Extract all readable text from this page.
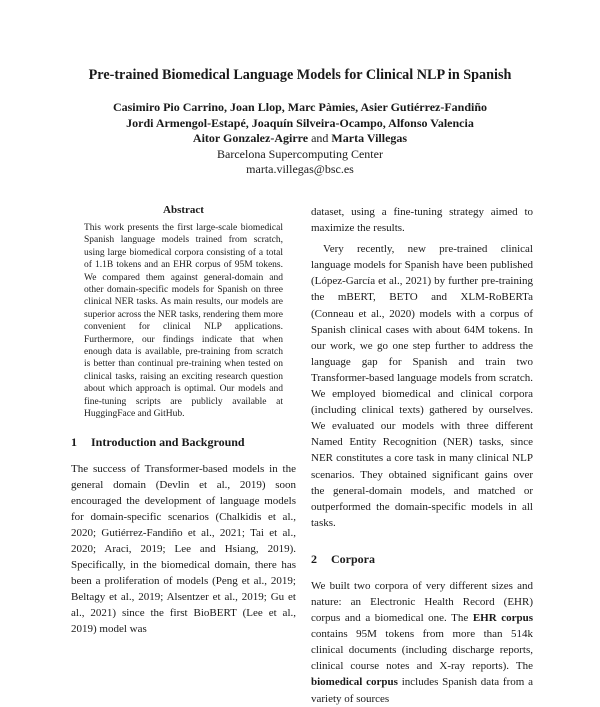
Pre-trained Biomedical Language Models for Clinical NLP in Spanish
Casimiro Pio Carrino, Joan Llop, Marc Pàmies, Asier Gutiérrez-Fandiño
Jordi Armengol-Estapé, Joaquín Silveira-Ocampo, Alfonso Valencia
Aitor Gonzalez-Agirre and Marta Villegas
Barcelona Supercomputing Center
marta.villegas@bsc.es
Abstract
This work presents the first large-scale biomedical Spanish language models trained from scratch, using large biomedical corpora consisting of a total of 1.1B tokens and an EHR corpus of 95M tokens. We compared them against general-domain and other domain-specific models for Spanish on three clinical NER tasks. As main results, our models are superior across the NER tasks, rendering them more convenient for clinical NLP applications. Furthermore, our findings indicate that when enough data is available, pre-training from scratch is better than continual pre-training when tested on clinical tasks, raising an exciting research question about which approach is optimal. Our models and fine-tuning scripts are publicly available at HuggingFace and GitHub.
1 Introduction and Background

The success of Transformer-based models in the general domain (Devlin et al., 2019) soon encouraged the development of language models for domain-specific scenarios (Chalkidis et al., 2020; Gutiérrez-Fandiño et al., 2021; Tai et al., 2020; Araci, 2019; Lee and Hsiang, 2019). Specifically, in the biomedical domain, there has been a proliferation of models (Peng et al., 2019; Beltagy et al., 2019; Alsentzer et al., 2019; Gu et al., 2021) since the first BioBERT (Lee et al., 2019) model was

dataset, using a fine-tuning strategy aimed to maximize the results.

Very recently, new pre-trained clinical language models for Spanish have been published (López-García et al., 2021) by further pre-training the mBERT, BETO and XLM-RoBERTa (Conneau et al., 2020) models with a corpus of Spanish clinical cases with about 64M tokens. In our work, we go one step further to address the language gap for Spanish and train two Transformer-based language models from scratch. We employed biomedical and clinical corpora (including clinical texts) gathered by ourselves. We evaluated our models with three different Named Entity Recognition (NER) tasks, since NER constitutes a core task in many clinical NLP scenarios. They obtained significant gains over the general-domain models, and matched or outperformed the domain-specific models in all tasks.

2 Corpora

We built two corpora of very different sizes and nature: an Electronic Health Record (EHR) corpus and a biomedical one. The EHR corpus contains 95M tokens from more than 514k clinical documents (including discharge reports, clinical course notes and X-ray reports). The biomedical corpus includes Spanish data from a variety of sources
